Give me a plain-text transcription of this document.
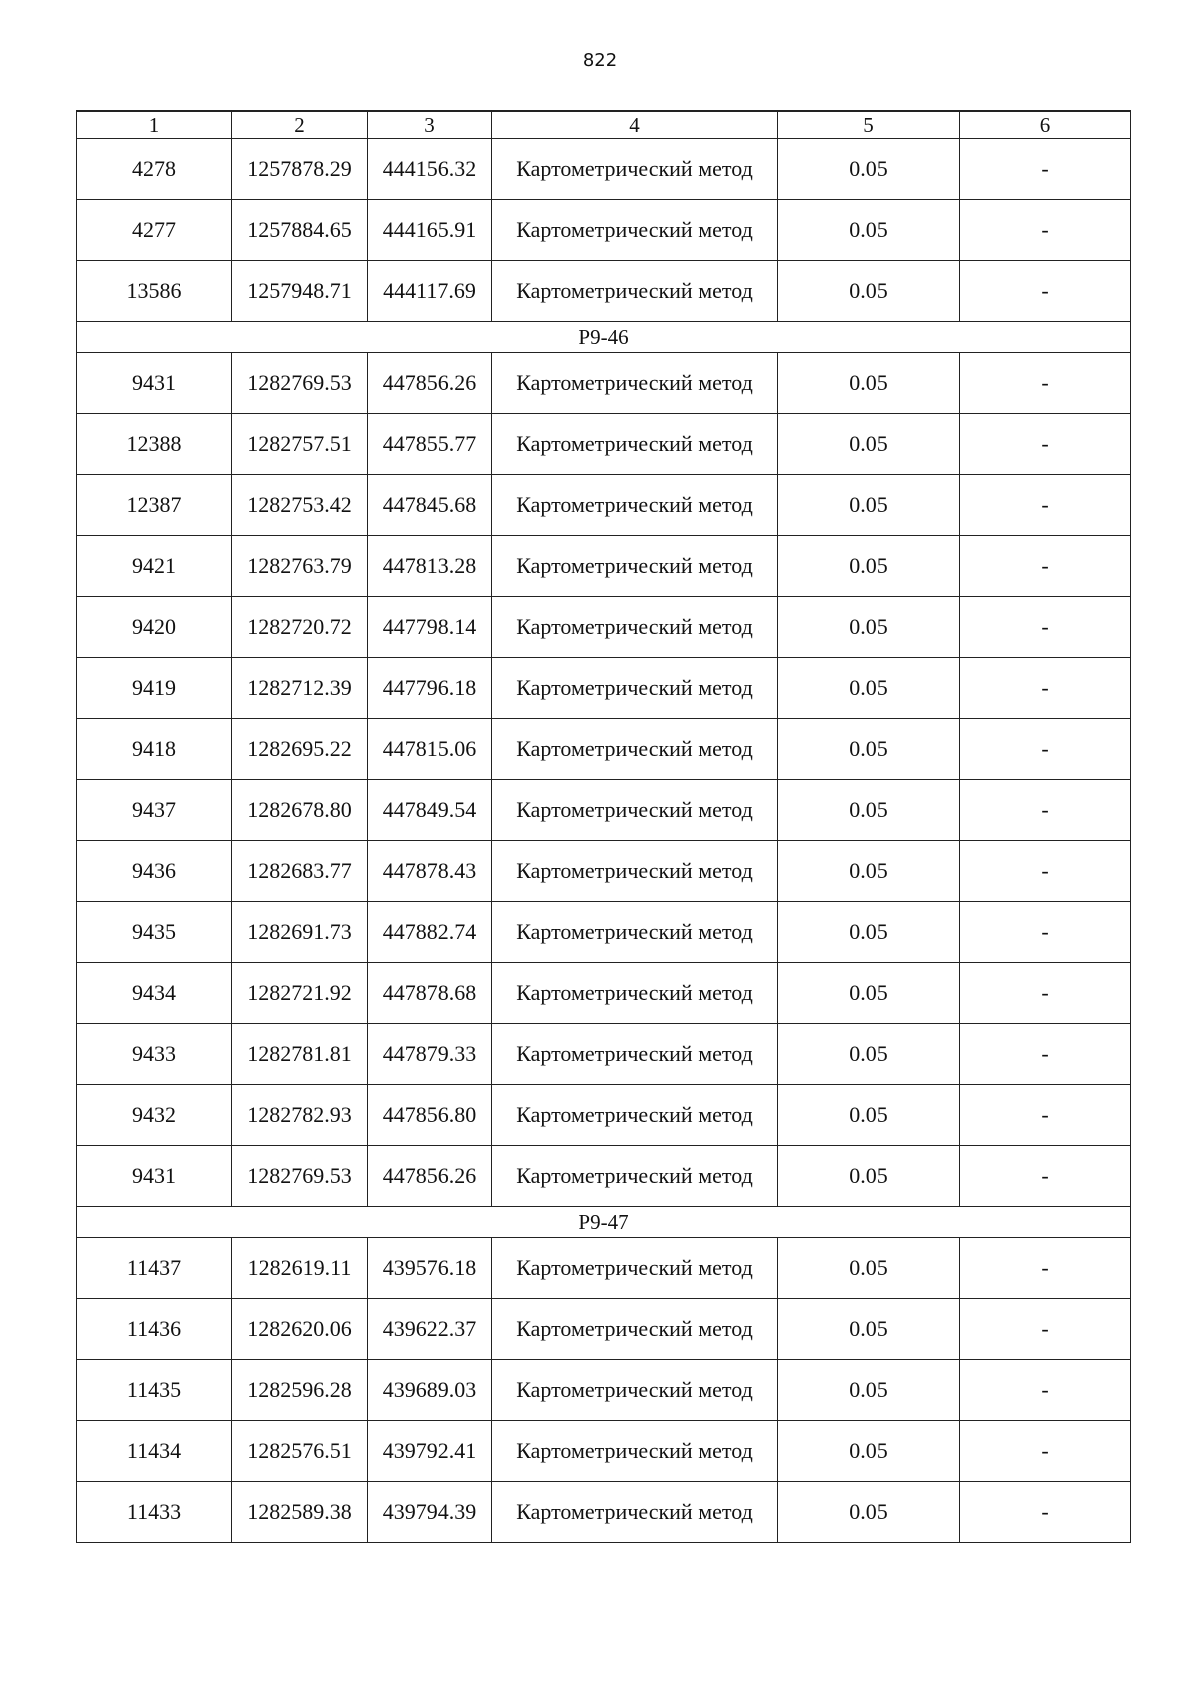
822
1	2	3	4	5	6
4278	1257878.29	444156.32	Картометрический метод	0.05	-
4277	1257884.65	444165.91	Картометрический метод	0.05	-
13586	1257948.71	444117.69	Картометрический метод	0.05	-
Р9-46					
9431	1282769.53	447856.26	Картометрический метод	0.05	-
12388	1282757.51	447855.77	Картометрический метод	0.05	-
12387	1282753.42	447845.68	Картометрический метод	0.05	-
9421	1282763.79	447813.28	Картометрический метод	0.05	-
9420	1282720.72	447798.14	Картометрический метод	0.05	-
9419	1282712.39	447796.18	Картометрический метод	0.05	-
9418	1282695.22	447815.06	Картометрический метод	0.05	-
9437	1282678.80	447849.54	Картометрический метод	0.05	-
9436	1282683.77	447878.43	Картометрический метод	0.05	-
9435	1282691.73	447882.74	Картометрический метод	0.05	-
9434	1282721.92	447878.68	Картометрический метод	0.05	-
9433	1282781.81	447879.33	Картометрический метод	0.05	-
9432	1282782.93	447856.80	Картометрический метод	0.05	-
9431	1282769.53	447856.26	Картометрический метод	0.05	-
Р9-47					
11437	1282619.11	439576.18	Картометрический метод	0.05	-
11436	1282620.06	439622.37	Картометрический метод	0.05	-
11435	1282596.28	439689.03	Картометрический метод	0.05	-
11434	1282576.51	439792.41	Картометрический метод	0.05	-
11433	1282589.38	439794.39	Картометрический метод	0.05	-
